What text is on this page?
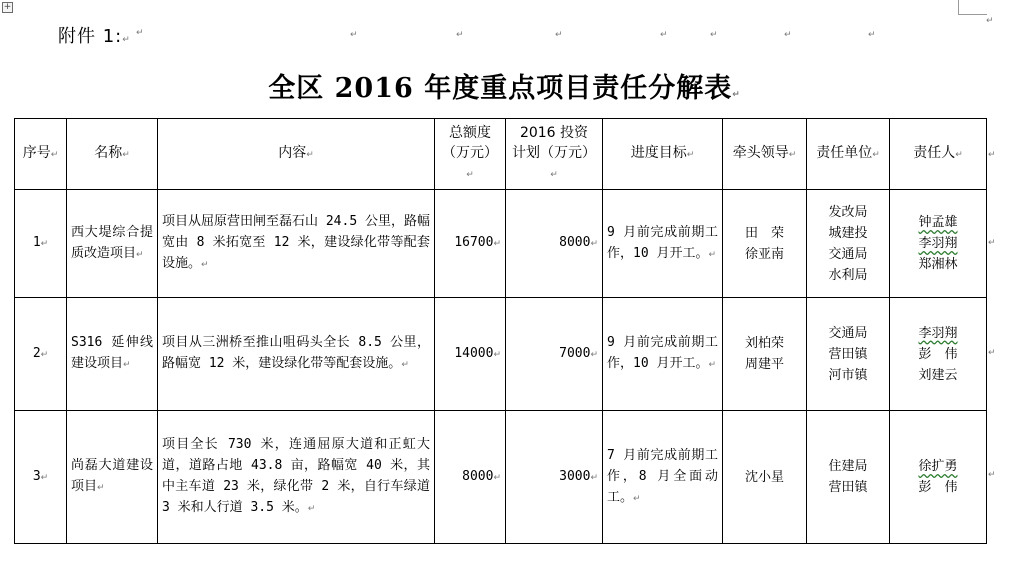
+
附件 1:↵
全区 2016 年度重点项目责任分解表↵
↵	↵	↵	↵	↵	↵	↵	↵
↵
↵
↵
↵
↵
序号↵	名称↵	内容↵	总额度
（万元）↵	2016 投资
计划（万元）↵	进度目标↵	牵头领导↵	责任单位↵	责任人↵
1↵	西大堤综合提质改造项目↵	项目从屈原营田闸至磊石山 24.5 公里，路幅宽由 8 米拓宽至 12 米，建设绿化带等配套设施。↵	16700↵	8000↵	9 月前完成前期工作，10 月开工。↵	田　荣
徐亚南	发改局
城建投
交通局
水利局	钟孟雄
李羽翔
郑湘林

2↵	S316 延伸线建设项目↵	项目从三洲桥至推山咀码头全长 8.5 公里，路幅宽 12 米，建设绿化带等配套设施。↵	14000↵	7000↵	9 月前完成前期工作，10 月开工。↵	刘柏荣
周建平	交通局
营田镇
河市镇	李羽翔
彭　伟
刘建云

3↵	尚磊大道建设项目↵	项目全长 730 米，连通屈原大道和正虹大道，道路占地 43.8 亩，路幅宽 40 米，其中主车道 23 米，绿化带 2 米，自行车绿道 3 米和人行道 3.5 米。↵	8000↵	3000↵	7 月前完成前期工作，8 月全面动工。↵	沈小星	住建局
营田镇	徐扩勇
彭　伟
